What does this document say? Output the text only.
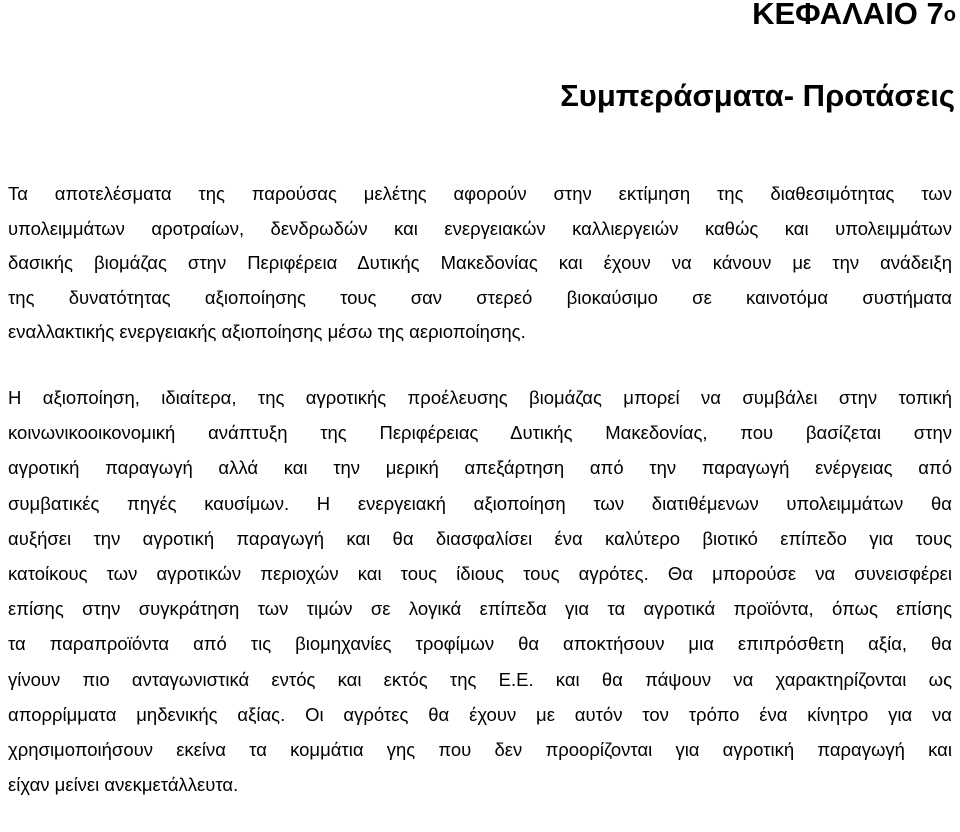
ΚΕΦΑΛΑΙΟ $7^o$
Συμπεράσματα- Προτάσεις

Τα αποτελέσματα της παρούσας μελέτης αφορούν στην εκτίμηση της διαθεσιμότητας των
υπολειμμάτων αροτραίων, δενδρωδών και ενεργειακών καλλιεργειών καθώς και υπολειμμάτων
δασικής βιομάζας στην Περιφέρεια Δυτικής Μακεδονίας και έχουν να κάνουν με την ανάδειξη
της δυνατότητας αξιοποίησης τους σαν στερεό βιοκαύσιμο σε καινοτόμα συστήματα
εναλλακτικής ενεργειακής αξιοποίησης μέσω της αεριοποίησης.

Η αξιοποίηση, ιδιαίτερα, της αγροτικής προέλευσης βιομάζας μπορεί να συμβάλει στην τοπική
κοινωνικοοικονομική ανάπτυξη της Περιφέρειας Δυτικής Μακεδονίας, που βασίζεται στην
αγροτική παραγωγή αλλά και την μερική απεξάρτηση από την παραγωγή ενέργειας από
συμβατικές πηγές καυσίμων. Η ενεργειακή αξιοποίηση των διατιθέμενων υπολειμμάτων θα
αυξήσει την αγροτική παραγωγή και θα διασφαλίσει ένα καλύτερο βιοτικό επίπεδο για τους
κατοίκους των αγροτικών περιοχών και τους ίδιους τους αγρότες. Θα μπορούσε να συνεισφέρει
επίσης στην συγκράτηση των τιμών σε λογικά επίπεδα για τα αγροτικά προϊόντα, όπως επίσης
τα παραπροϊόντα από τις βιομηχανίες τροφίμων θα αποκτήσουν μια επιπρόσθετη αξία, θα
γίνουν πιο ανταγωνιστικά εντός και εκτός της Ε.Ε. και θα πάψουν να χαρακτηρίζονται ως
απορρίμματα μηδενικής αξίας. Οι αγρότες θα έχουν με αυτόν τον τρόπο ένα κίνητρο για να
χρησιμοποιήσουν εκείνα τα κομμάτια γης που δεν προορίζονται για αγροτική παραγωγή και
είχαν μείνει ανεκμετάλλευτα.
